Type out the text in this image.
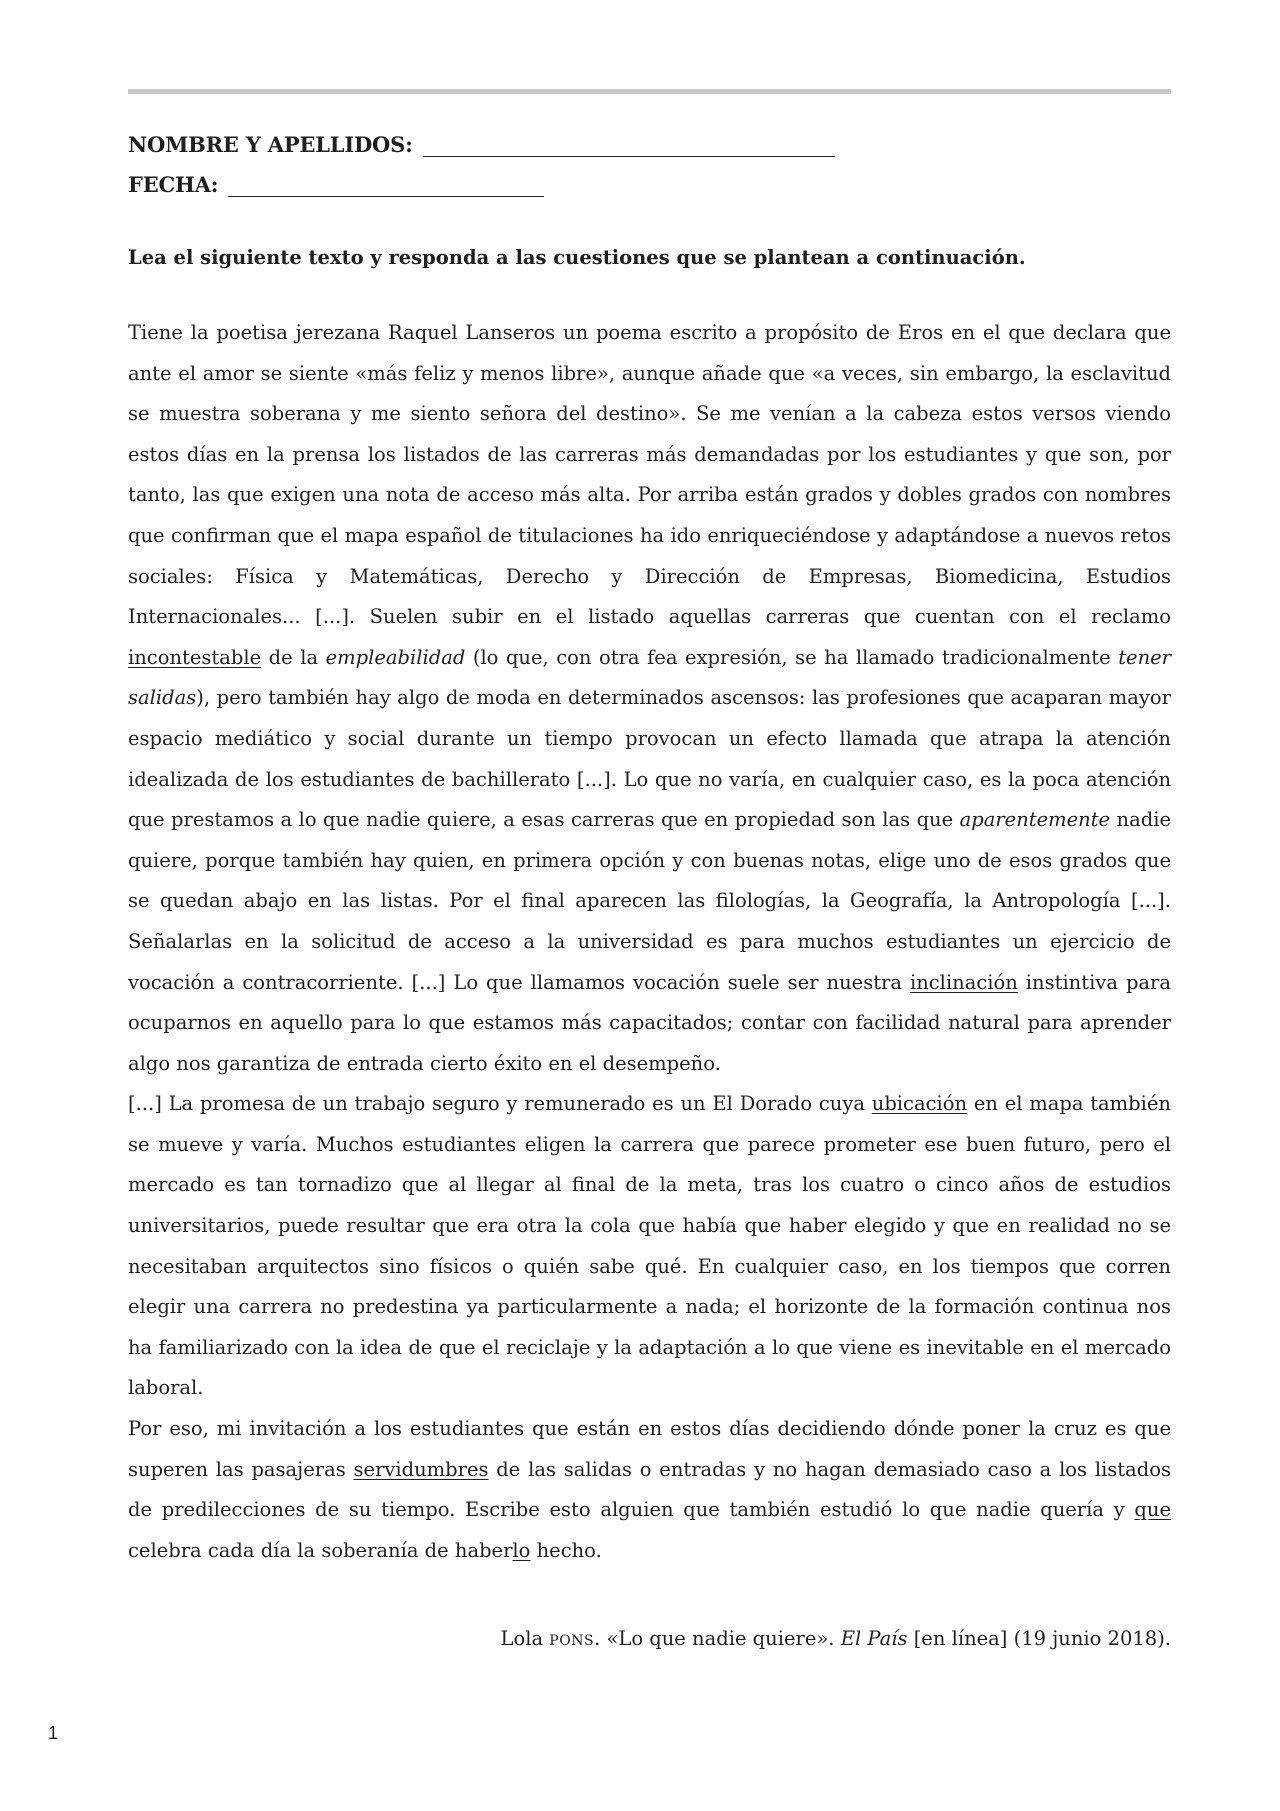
NOMBRE Y APELLIDOS:
FECHA:
Lea el siguiente texto y responda a las cuestiones que se plantean a continuación.

Tiene la poetisa jerezana Raquel Lanseros un poema escrito a propósito de Eros en el que declara que ante el amor se siente «más feliz y menos libre», aunque añade que «a veces, sin embargo, la esclavitud se muestra soberana y me siento señora del destino». Se me venían a la cabeza estos versos viendo estos días en la prensa los listados de las carreras más demandadas por los estudiantes y que son, por tanto, las que exigen una nota de acceso más alta. Por arriba están grados y dobles grados con nombres que confirman que el mapa español de titulaciones ha ido enriqueciéndose y adaptándose a nuevos retos sociales: Física y Matemáticas, Derecho y Dirección de Empresas, Biomedicina, Estudios Internacionales... [...]. Suelen subir en el listado aquellas carreras que cuentan con el reclamo incontestable de la empleabilidad (lo que, con otra fea expresión, se ha llamado tradicionalmente tener salidas), pero también hay algo de moda en determinados ascensos: las profesiones que acaparan mayor espacio mediático y social durante un tiempo provocan un efecto llamada que atrapa la atención idealizada de los estudiantes de bachillerato [...]. Lo que no varía, en cualquier caso, es la poca atención que prestamos a lo que nadie quiere, a esas carreras que en propiedad son las que aparentemente nadie quiere, porque también hay quien, en primera opción y con buenas notas, elige uno de esos grados que se quedan abajo en las listas. Por el final aparecen las filologías, la Geografía, la Antropología [...]. Señalarlas en la solicitud de acceso a la universidad es para muchos estudiantes un ejercicio de vocación a contracorriente. [...] Lo que llamamos vocación suele ser nuestra inclinación instintiva para ocuparnos en aquello para lo que estamos más capacitados; contar con facilidad natural para aprender algo nos garantiza de entrada cierto éxito en el desempeño.

[...] La promesa de un trabajo seguro y remunerado es un El Dorado cuya ubicación en el mapa también se mueve y varía. Muchos estudiantes eligen la carrera que parece prometer ese buen futuro, pero el mercado es tan tornadizo que al llegar al final de la meta, tras los cuatro o cinco años de estudios universitarios, puede resultar que era otra la cola que había que haber elegido y que en realidad no se necesitaban arquitectos sino físicos o quién sabe qué. En cualquier caso, en los tiempos que corren elegir una carrera no predestina ya particularmente a nada; el horizonte de la formación continua nos ha familiarizado con la idea de que el reciclaje y la adaptación a lo que viene es inevitable en el mercado laboral.

Por eso, mi invitación a los estudiantes que están en estos días decidiendo dónde poner la cruz es que superen las pasajeras servidumbres de las salidas o entradas y no hagan demasiado caso a los listados de predilecciones de su tiempo. Escribe esto alguien que también estudió lo que nadie quería y que celebra cada día la soberanía de haberlo hecho.

Lola PONS. «Lo que nadie quiere». El País [en línea] (19 junio 2018).
1
